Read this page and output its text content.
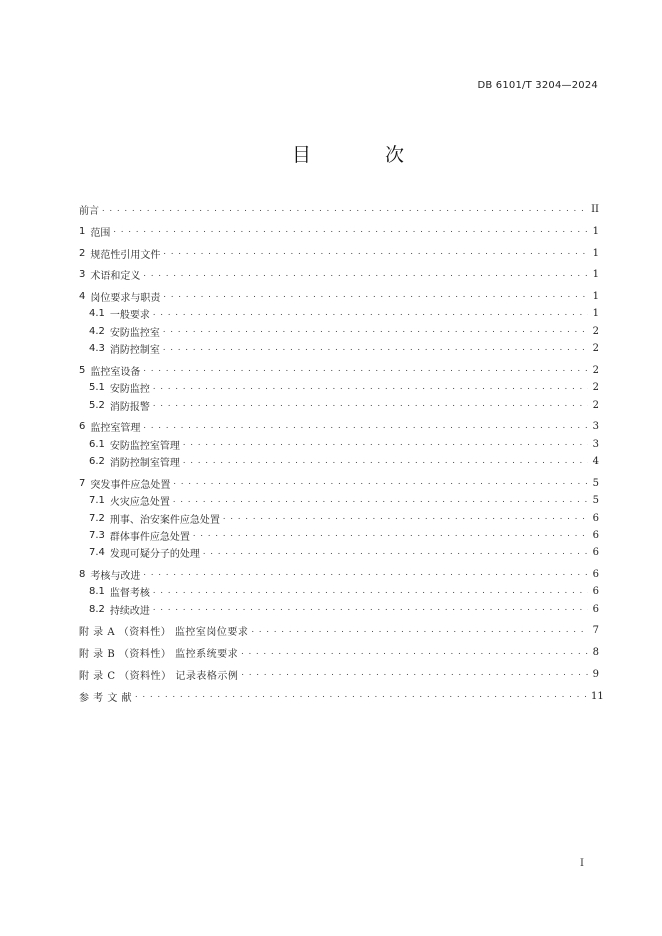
DB 6101/T 3204—2024
目 次
前言 . . .	II
1 范围 . . .	1
2 规范性引用文件 . . .	1
3 术语和定义 . . .	1
4 岗位要求与职责 . . .	1
4.1 一般要求 . . .	1
4.2 安防监控室 . . .	2
4.3 消防控制室 . . .	2
5 监控室设备 . . .	2
5.1 安防监控 . . .	2
5.2 消防报警 . . .	2
6 监控室管理 . . .	3
6.1 安防监控室管理 . . .	3
6.2 消防控制室管理 . . .	4
7 突发事件应急处置 . . .	5
7.1 火灾应急处置 . . .	5
7.2 刑事、治安案件应急处置 . . .	6
7.3 群体事件应急处置 . . .	6
7.4 发现可疑分子的处理 . . .	6
8 考核与改进 . . .	6
8.1 监督考核 . . .	6
8.2 持续改进 . . .	6
附 录 A （资料性） 监控室岗位要求 . . .	7
附 录 B （资料性） 监控系统要求 . . .	8
附 录 C （资料性） 记录表格示例 . . .	9
参 考 文 献 . . .	11
I
